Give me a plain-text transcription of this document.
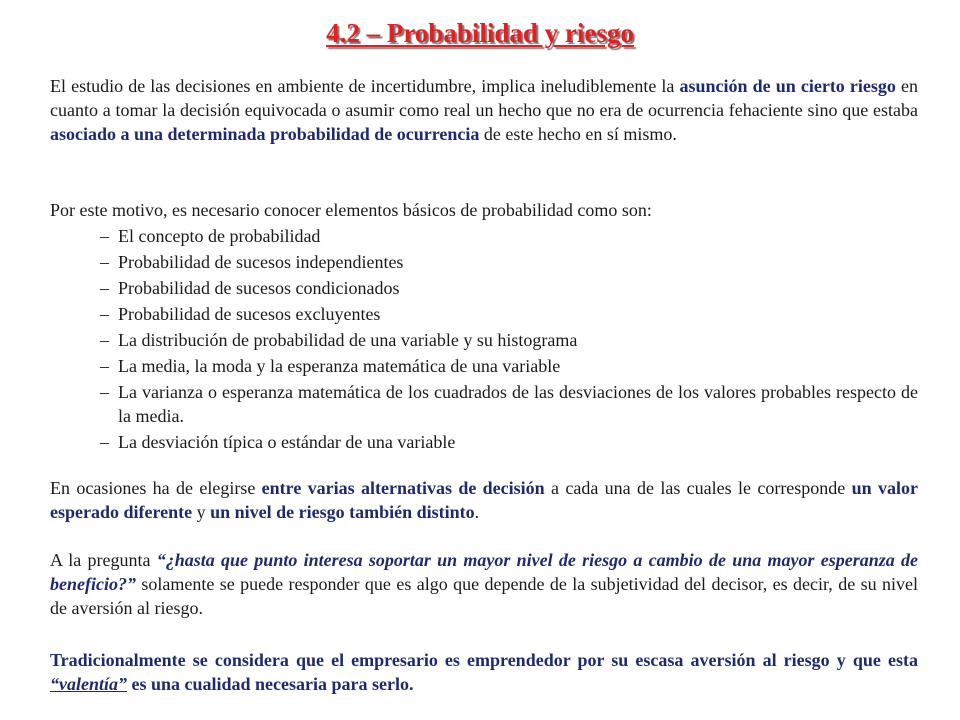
4.2 – Probabilidad y riesgo

El estudio de las decisiones en ambiente de incertidumbre, implica ineludiblemente la asunción de un cierto riesgo en cuanto a tomar la decisión equivocada o asumir como real un hecho que no era de ocurrencia fehaciente sino que estaba asociado a una determinada probabilidad de ocurrencia de este hecho en sí mismo.

Por este motivo, es necesario conocer elementos básicos de probabilidad como son:

– El concepto de probabilidad
– Probabilidad de sucesos independientes
– Probabilidad de sucesos condicionados
– Probabilidad de sucesos excluyentes
– La distribución de probabilidad de una variable y su histograma
– La media, la moda y la esperanza matemática de una variable
– La varianza o esperanza matemática de los cuadrados de las desviaciones de los valores probables respecto de la media.
– La desviación típica o estándar de una variable

En ocasiones ha de elegirse entre varias alternativas de decisión a cada una de las cuales le corresponde un valor esperado diferente y un nivel de riesgo también distinto.

A la pregunta “¿hasta que punto interesa soportar un mayor nivel de riesgo a cambio de una mayor esperanza de beneficio?” solamente se puede responder que es algo que depende de la subjetividad del decisor, es decir, de su nivel de aversión al riesgo.

Tradicionalmente se considera que el empresario es emprendedor por su escasa aversión al riesgo y que esta “valentía” es una cualidad necesaria para serlo.
